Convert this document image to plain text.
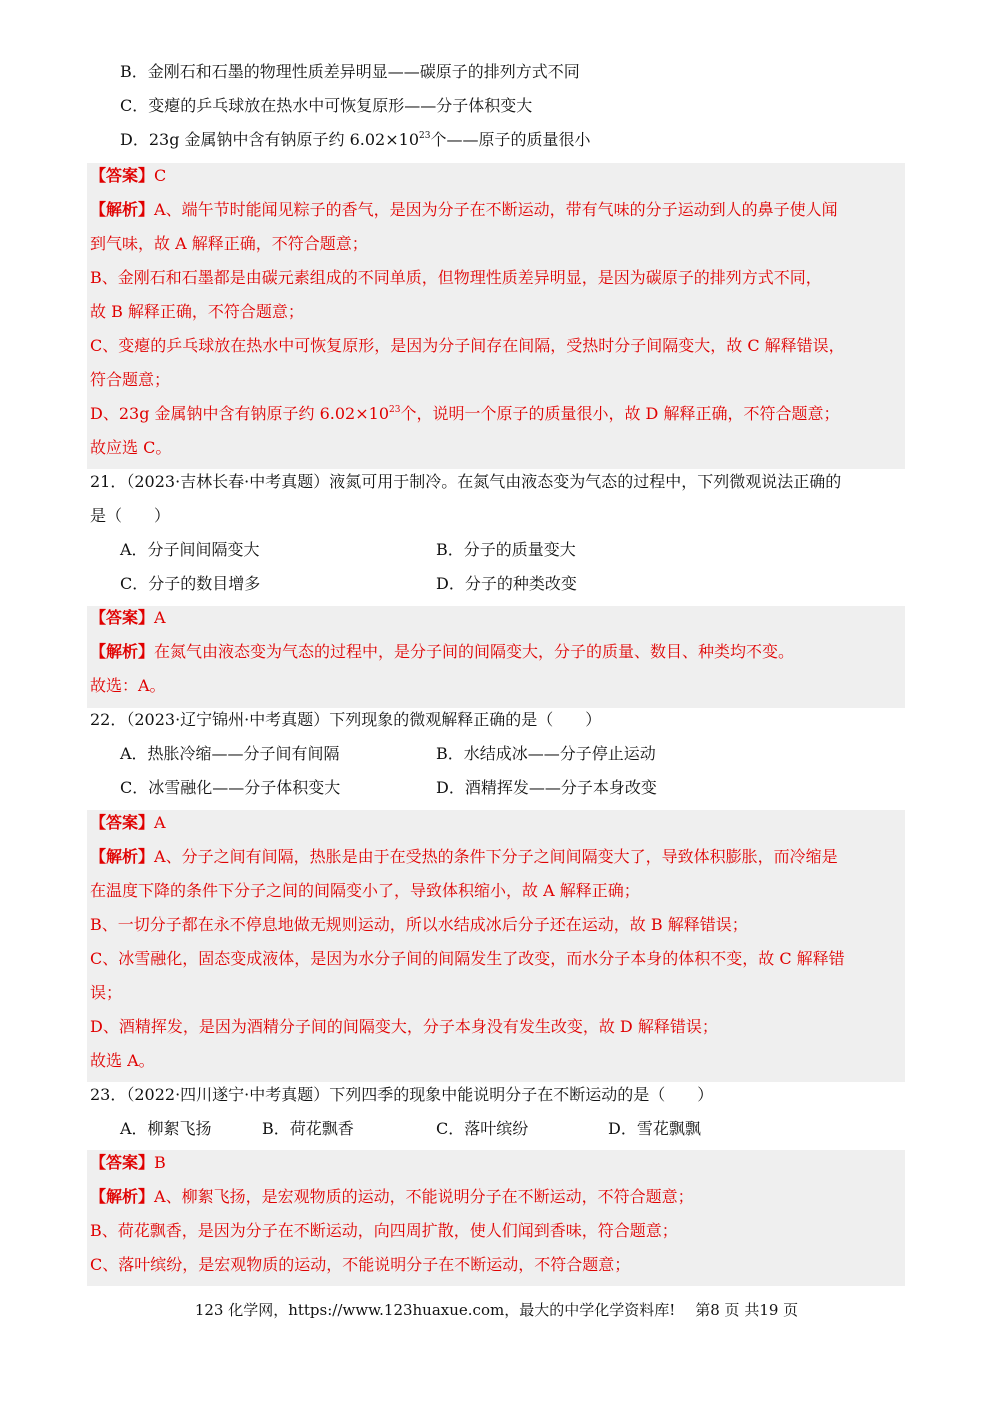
B．金刚石和石墨的物理性质差异明显——碳原子的排列方式不同
C．变瘪的乒乓球放在热水中可恢复原形——分子体积变大
D．23g 金属钠中含有钠原子约 $6.02\times 10^{23}$个——原子的质量很小
【答案】C
【解析】A、端午节时能闻见粽子的香气，是因为分子在不断运动，带有气味的分子运动到人的鼻子使人闻
到气味，故 A 解释正确，不符合题意；
B、金刚石和石墨都是由碳元素组成的不同单质，但物理性质差异明显，是因为碳原子的排列方式不同，
故 B 解释正确，不符合题意；
C、变瘪的乒乓球放在热水中可恢复原形，是因为分子间存在间隔，受热时分子间隔变大，故 C 解释错误，
符合题意；
D、23g 金属钠中含有钠原子约 $6.02\times 10^{23}$个，说明一个原子的质量很小，故 D 解释正确，不符合题意；
故应选 C。
21．（2023·吉林长春·中考真题）液氮可用于制冷。在氮气由液态变为气态的过程中，下列微观说法正确的
是（　　）
A．分子间间隔变大	B．分子的质量变大
C．分子的数目增多	D．分子的种类改变
【答案】A
【解析】在氮气由液态变为气态的过程中，是分子间的间隔变大，分子的质量、数目、种类均不变。
故选：A。
22．（2023·辽宁锦州·中考真题）下列现象的微观解释正确的是（　　）
A．热胀冷缩——分子间有间隔	B．水结成冰——分子停止运动
C．冰雪融化——分子体积变大	D．酒精挥发——分子本身改变
【答案】A
【解析】A、分子之间有间隔，热胀是由于在受热的条件下分子之间间隔变大了，导致体积膨胀，而冷缩是
在温度下降的条件下分子之间的间隔变小了，导致体积缩小，故 A 解释正确；
B、一切分子都在永不停息地做无规则运动，所以水结成冰后分子还在运动，故 B 解释错误；
C、冰雪融化，固态变成液体，是因为水分子间的间隔发生了改变，而水分子本身的体积不变，故 C 解释错
误；
D、酒精挥发，是因为酒精分子间的间隔变大，分子本身没有发生改变，故 D 解释错误；
故选 A。
23．（2022·四川遂宁·中考真题）下列四季的现象中能说明分子在不断运动的是（　　）
A．柳絮飞扬	B．荷花飘香	C．落叶缤纷	D．雪花飘飘
【答案】B
【解析】A、柳絮飞扬，是宏观物质的运动，不能说明分子在不断运动，不符合题意；
B、荷花飘香，是因为分子在不断运动，向四周扩散，使人们闻到香味，符合题意；
C、落叶缤纷，是宏观物质的运动，不能说明分子在不断运动，不符合题意；
123 化学网，https://www.123huaxue.com，最大的中学化学资料库! 第8 页 共19 页
